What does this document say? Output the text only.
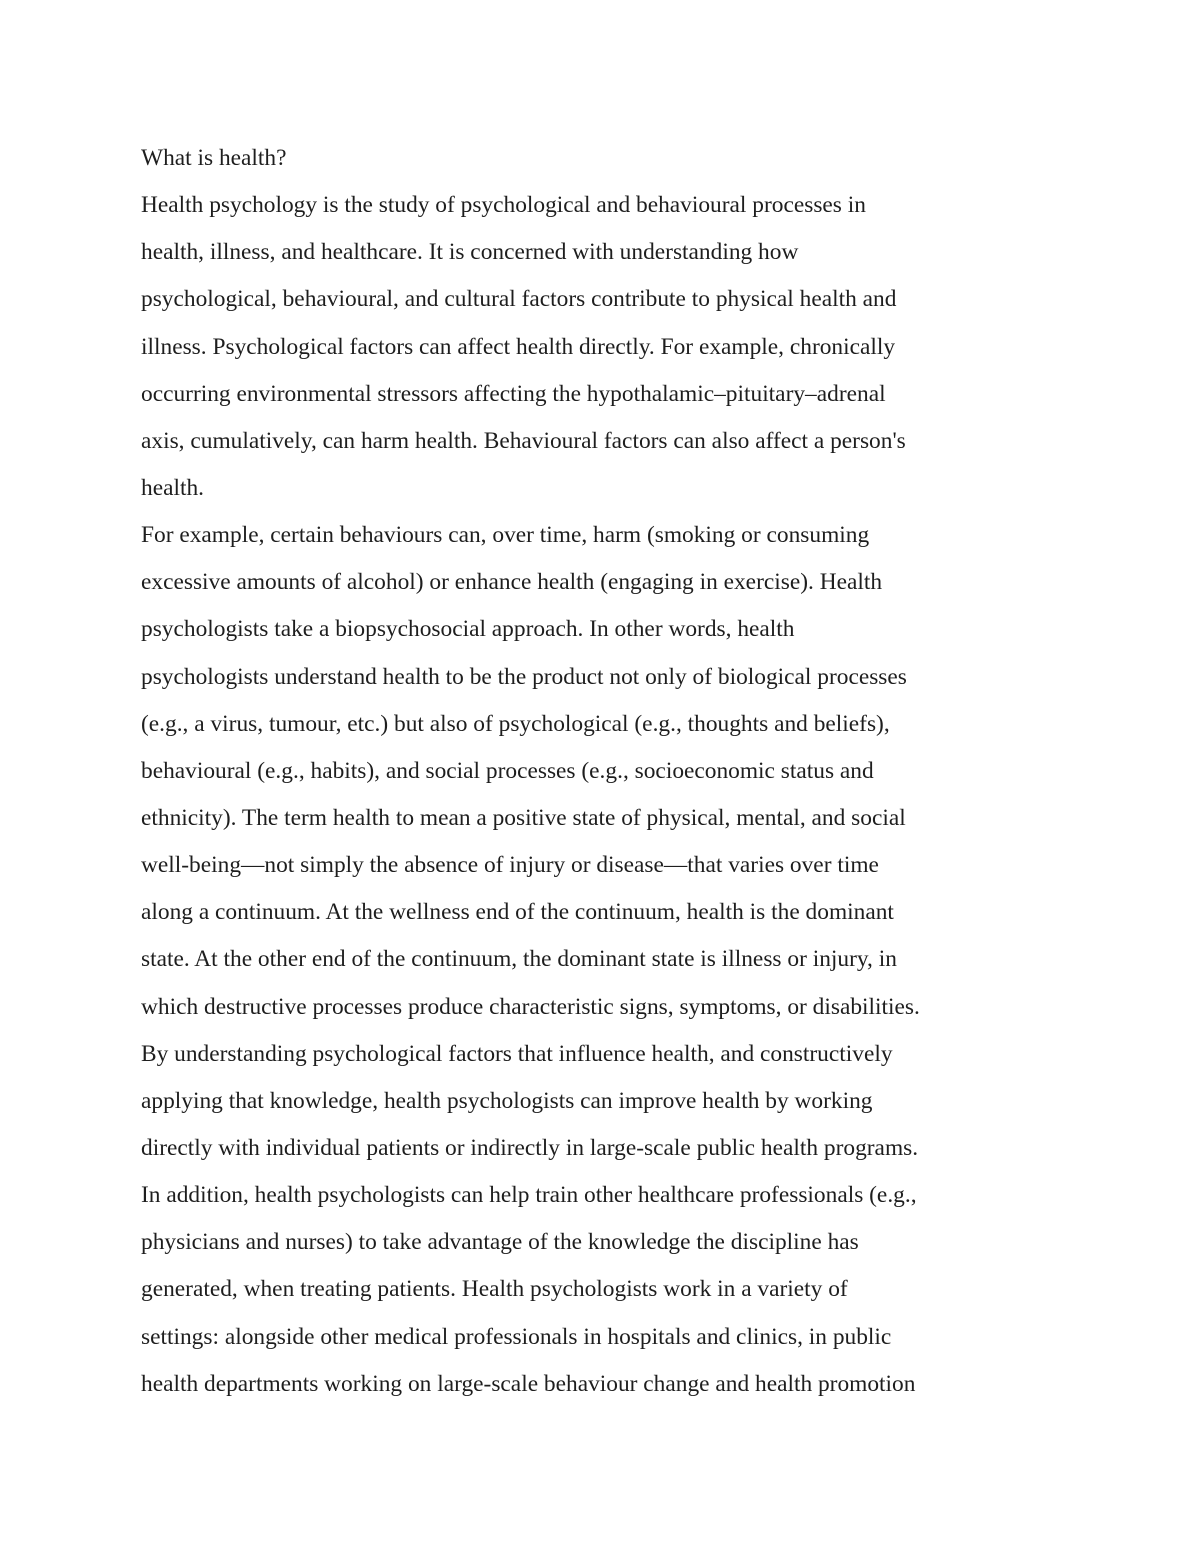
What is health?
Health psychology is the study of psychological and behavioural processes in
health, illness, and healthcare. It is concerned with understanding how
psychological, behavioural, and cultural factors contribute to physical health and
illness. Psychological factors can affect health directly. For example, chronically
occurring environmental stressors affecting the hypothalamic–pituitary–adrenal
axis, cumulatively, can harm health. Behavioural factors can also affect a person's
health.
For example, certain behaviours can, over time, harm (smoking or consuming
excessive amounts of alcohol) or enhance health (engaging in exercise). Health
psychologists take a biopsychosocial approach. In other words, health
psychologists understand health to be the product not only of biological processes
(e.g., a virus, tumour, etc.) but also of psychological (e.g., thoughts and beliefs),
behavioural (e.g., habits), and social processes (e.g., socioeconomic status and
ethnicity). The term health to mean a positive state of physical, mental, and social
well-being—not simply the absence of injury or disease—that varies over time
along a continuum. At the wellness end of the continuum, health is the dominant
state. At the other end of the continuum, the dominant state is illness or injury, in
which destructive processes produce characteristic signs, symptoms, or disabilities.
By understanding psychological factors that influence health, and constructively
applying that knowledge, health psychologists can improve health by working
directly with individual patients or indirectly in large-scale public health programs.
In addition, health psychologists can help train other healthcare professionals (e.g.,
physicians and nurses) to take advantage of the knowledge the discipline has
generated, when treating patients. Health psychologists work in a variety of
settings: alongside other medical professionals in hospitals and clinics, in public
health departments working on large-scale behaviour change and health promotion
